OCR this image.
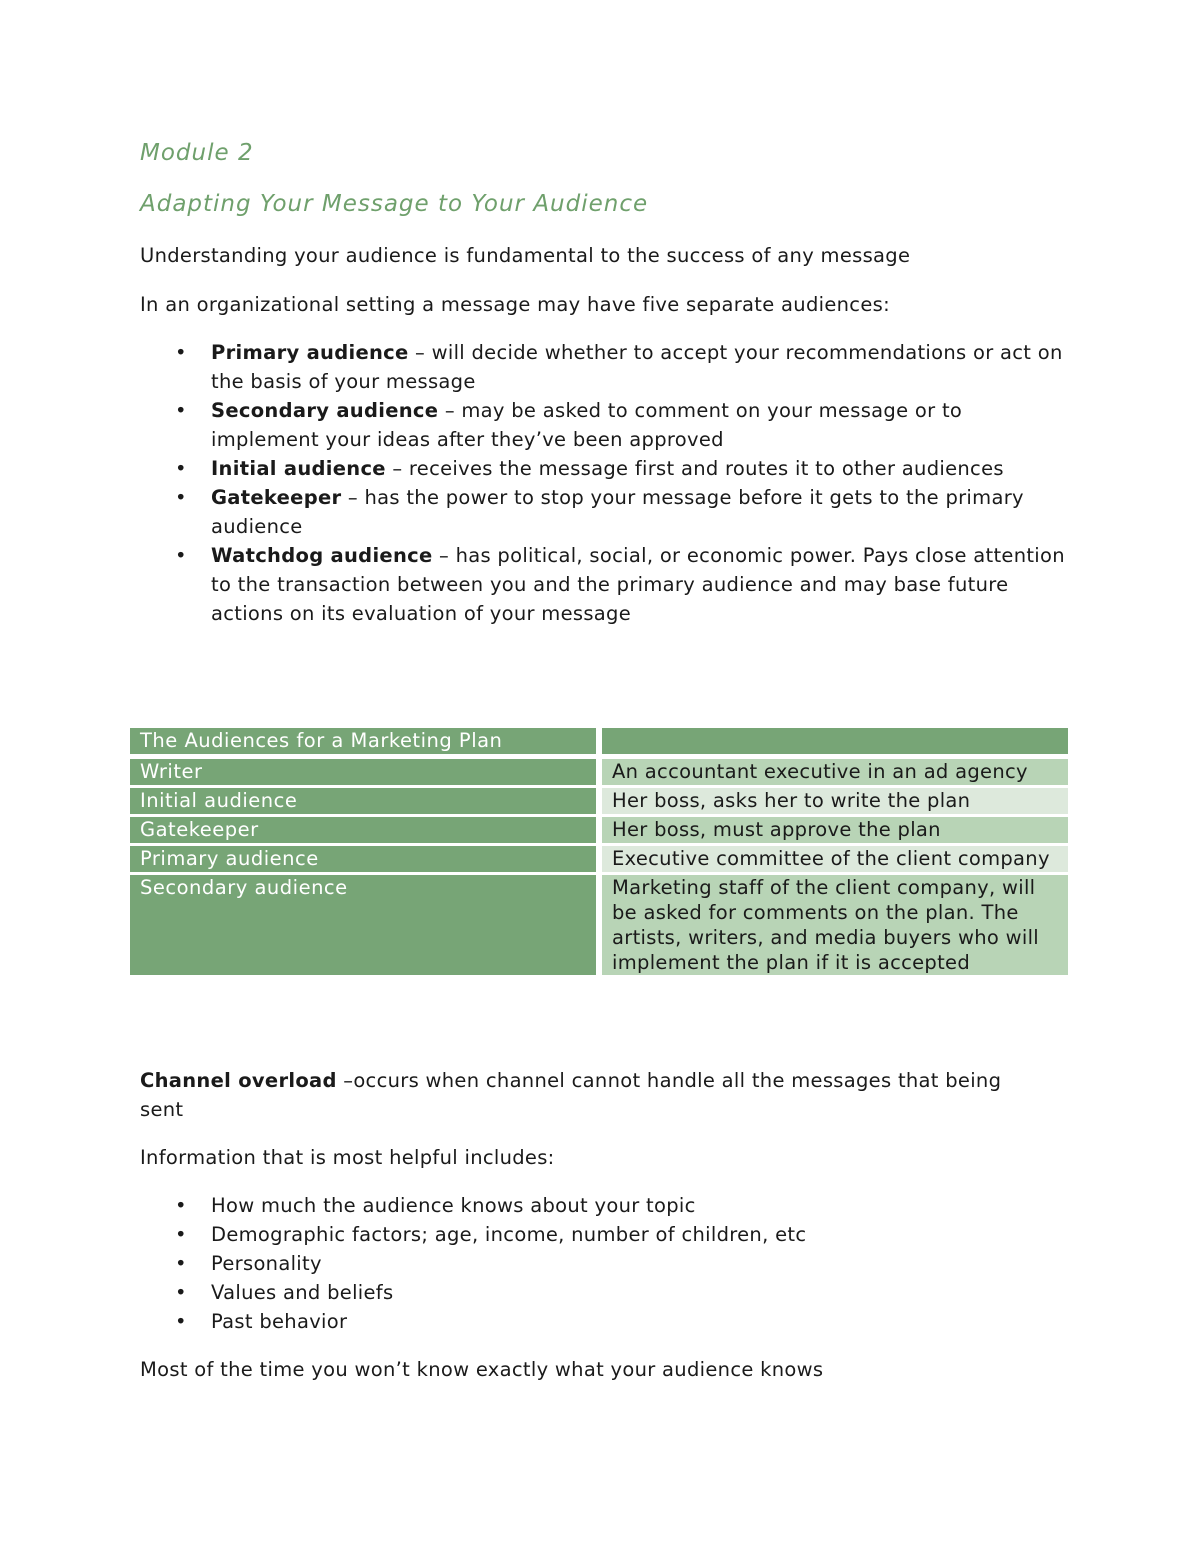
Module 2
Adapting Your Message to Your Audience

Understanding your audience is fundamental to the success of any message

In an organizational setting a message may have five separate audiences:

• Primary audience – will decide whether to accept your recommendations or act on the basis of your message
• Secondary audience – may be asked to comment on your message or to implement your ideas after they’ve been approved
• Initial audience – receives the message first and routes it to other audiences
• Gatekeeper – has the power to stop your message before it gets to the primary audience
• Watchdog audience – has political, social, or economic power. Pays close attention to the transaction between you and the primary audience and may base future actions on its evaluation of your message
The Audiences for a Marketing Plan
Writer	An accountant executive in an ad agency
Initial audience	Her boss, asks her to write the plan
Gatekeeper	Her boss, must approve the plan
Primary audience	Executive committee of the client company
Secondary audience	Marketing staff of the client company, will be asked for comments on the plan. The artists, writers, and media buyers who will implement the plan if it is accepted

Channel overload –occurs when channel cannot handle all the messages that being sent

Information that is most helpful includes:

• How much the audience knows about your topic
• Demographic factors; age, income, number of children, etc
• Personality
• Values and beliefs
• Past behavior

Most of the time you won’t know exactly what your audience knows
